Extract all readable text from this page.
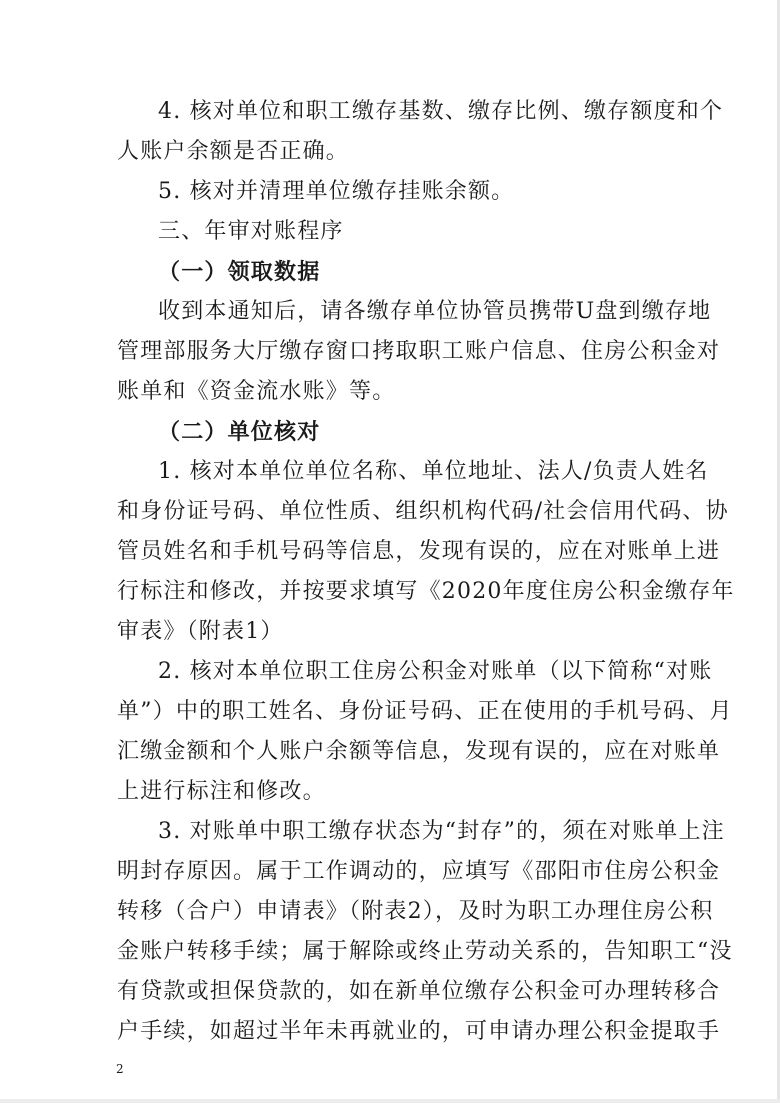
4. 核对单位和职工缴存基数、缴存比例、缴存额度和个
人账户余额是否正确。
5. 核对并清理单位缴存挂账余额。
三、年审对账程序
（一）领取数据
收到本通知后，请各缴存单位协管员携带U盘到缴存地
管理部服务大厅缴存窗口拷取职工账户信息、住房公积金对
账单和《资金流水账》等。
（二）单位核对
1. 核对本单位单位名称、单位地址、法人/负责人姓名
和身份证号码、单位性质、组织机构代码/社会信用代码、协
管员姓名和手机号码等信息，发现有误的，应在对账单上进
行标注和修改，并按要求填写《2020年度住房公积金缴存年
审表》（附表1）
2. 核对本单位职工住房公积金对账单（以下简称“对账
单”）中的职工姓名、身份证号码、正在使用的手机号码、月
汇缴金额和个人账户余额等信息，发现有误的，应在对账单
上进行标注和修改。
3. 对账单中职工缴存状态为“封存”的，须在对账单上注
明封存原因。属于工作调动的，应填写《邵阳市住房公积金
转移（合户）申请表》（附表2），及时为职工办理住房公积
金账户转移手续；属于解除或终止劳动关系的，告知职工“没
有贷款或担保贷款的，如在新单位缴存公积金可办理转移合
户手续，如超过半年未再就业的，可申请办理公积金提取手
2
